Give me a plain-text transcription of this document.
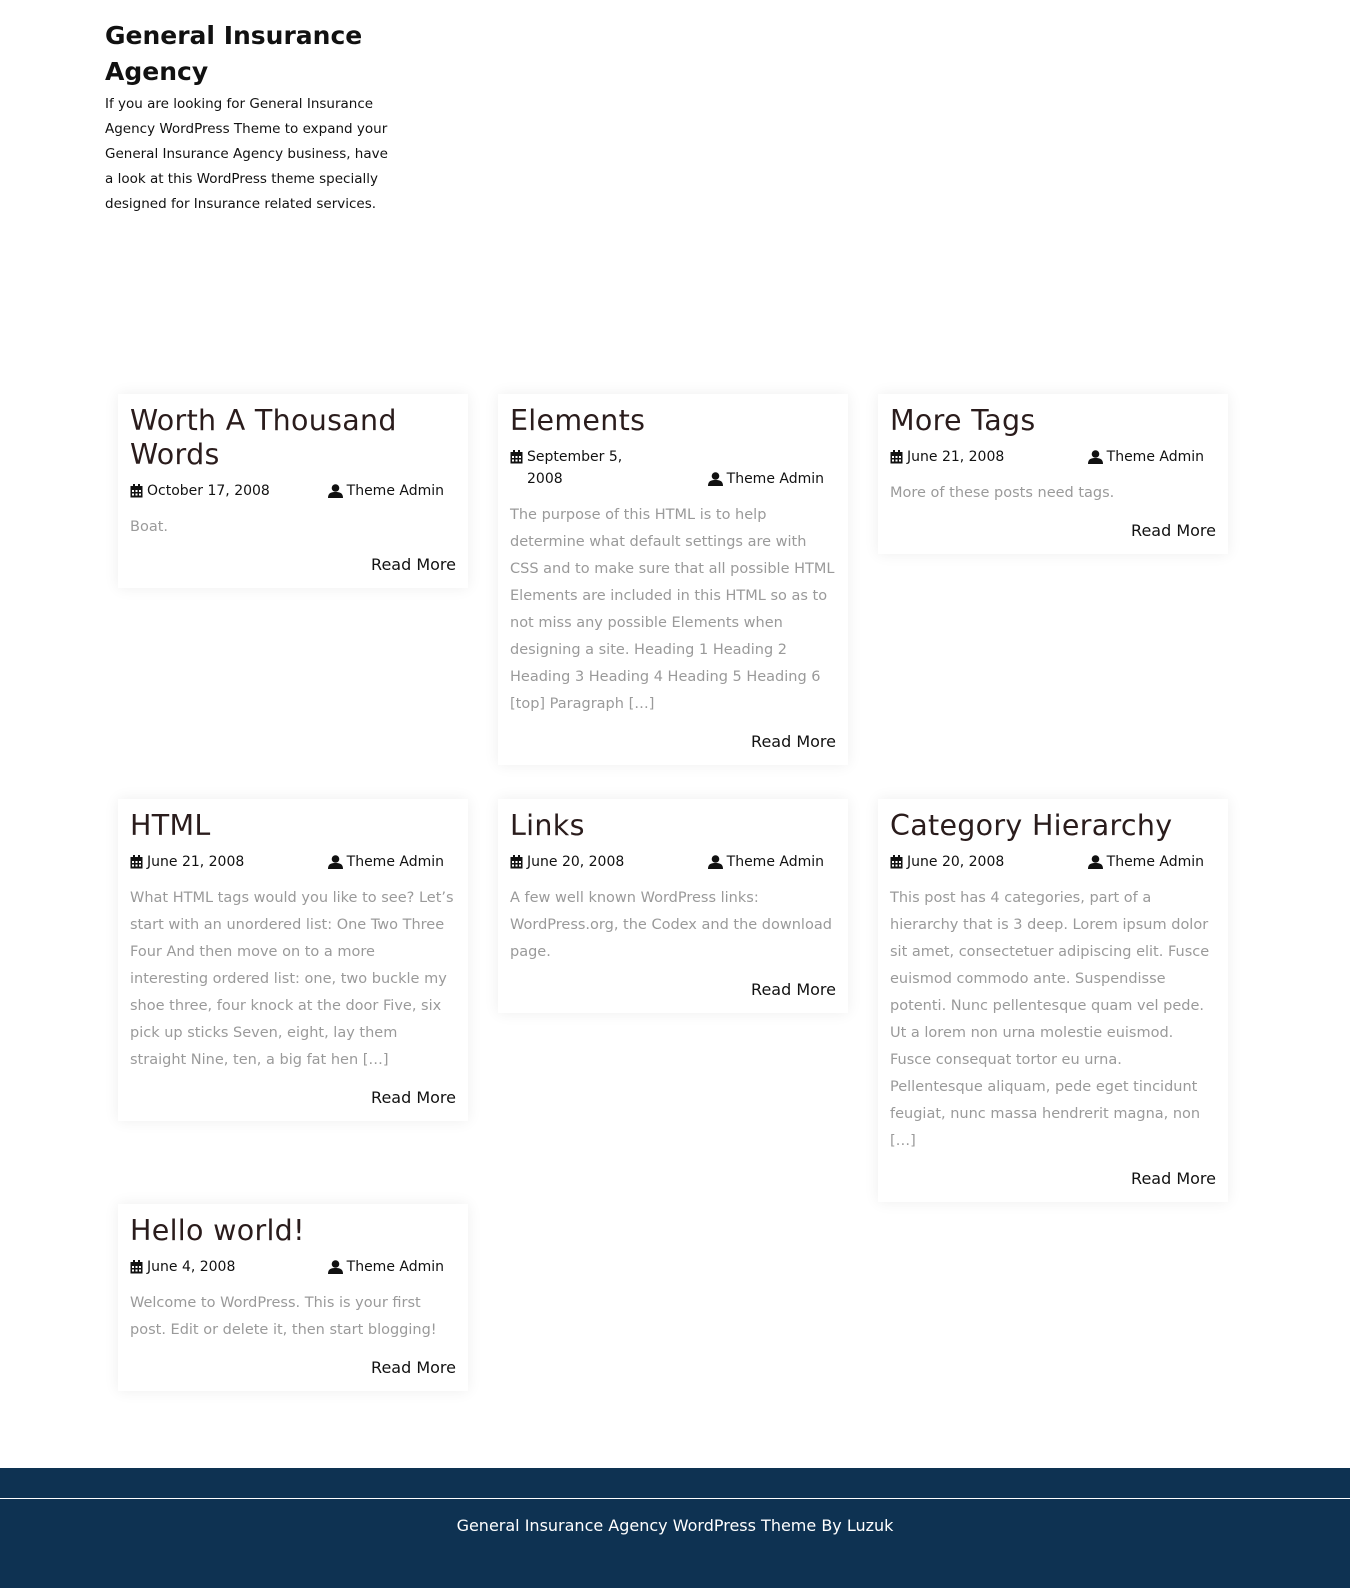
General Insurance Agency

If you are looking for General Insurance Agency WordPress Theme to expand your General Insurance Agency business, have a look at this WordPress theme specially designed for Insurance related services.

Worth A Thousand Words
October 17, 2008	Theme Admin
Boat.
Read More
Elements
September 5, 2008	Theme Admin
The purpose of this HTML is to help determine what default settings are with CSS and to make sure that all possible HTML Elements are included in this HTML so as to not miss any possible Elements when designing a site. Heading 1 Heading 2 Heading 3 Heading 4 Heading 5 Heading 6 [top] Paragraph […]
Read More
More Tags
June 21, 2008	Theme Admin
More of these posts need tags.
Read More
HTML
June 21, 2008	Theme Admin
What HTML tags would you like to see? Let’s start with an unordered list: One Two Three Four And then move on to a more interesting ordered list: one, two buckle my shoe three, four knock at the door Five, six pick up sticks Seven, eight, lay them straight Nine, ten, a big fat hen […]
Read More
Links
June 20, 2008	Theme Admin
A few well known WordPress links: WordPress.org, the Codex and the download page.
Read More
Category Hierarchy
June 20, 2008	Theme Admin
This post has 4 categories, part of a hierarchy that is 3 deep. Lorem ipsum dolor sit amet, consectetuer adipiscing elit. Fusce euismod commodo ante. Suspendisse potenti. Nunc pellentesque quam vel pede. Ut a lorem non urna molestie euismod. Fusce consequat tortor eu urna. Pellentesque aliquam, pede eget tincidunt feugiat, nunc massa hendrerit magna, non […]
Read More
Hello world!
June 4, 2008	Theme Admin
Welcome to WordPress. This is your first post. Edit or delete it, then start blogging!
Read More
General Insurance Agency WordPress Theme By Luzuk
